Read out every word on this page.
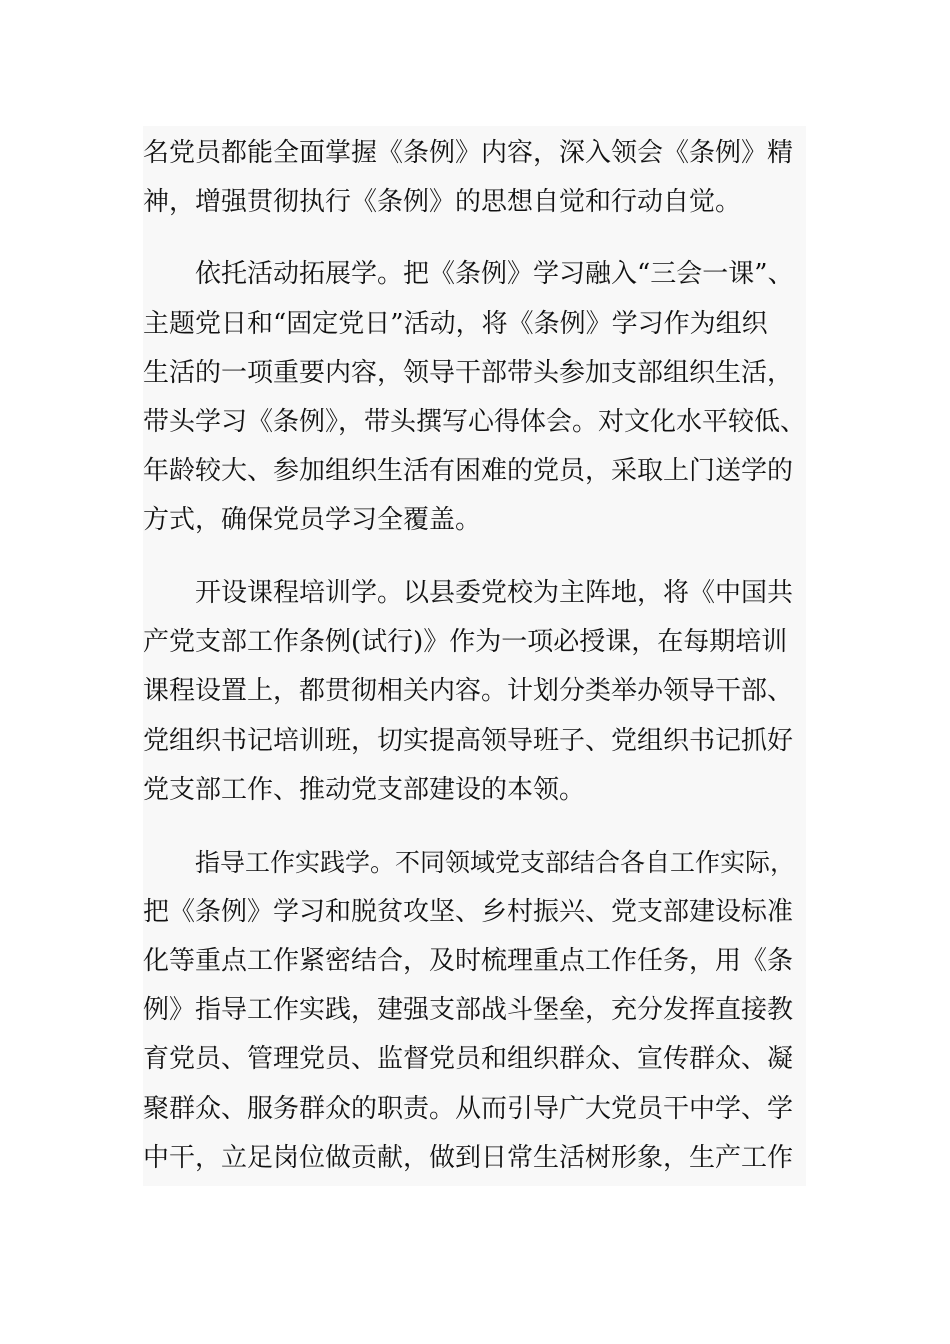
名党员都能全面掌握《条例》内容，深入领会《条例》精
神，增强贯彻执行《条例》的思想自觉和行动自觉。
依托活动拓展学。把《条例》学习融入“三会一课”、
主题党日和“固定党日”活动，将《条例》学习作为组织
生活的一项重要内容，领导干部带头参加支部组织生活，
带头学习《条例》，带头撰写心得体会。对文化水平较低、
年龄较大、参加组织生活有困难的党员，采取上门送学的
方式，确保党员学习全覆盖。
开设课程培训学。以县委党校为主阵地，将《中国共
产党支部工作条例(试行)》作为一项必授课，在每期培训
课程设置上，都贯彻相关内容。计划分类举办领导干部、
党组织书记培训班，切实提高领导班子、党组织书记抓好
党支部工作、推动党支部建设的本领。
指导工作实践学。不同领域党支部结合各自工作实际，
把《条例》学习和脱贫攻坚、乡村振兴、党支部建设标准
化等重点工作紧密结合，及时梳理重点工作任务，用《条
例》指导工作实践，建强支部战斗堡垒，充分发挥直接教
育党员、管理党员、监督党员和组织群众、宣传群众、凝
聚群众、服务群众的职责。从而引导广大党员干中学、学
中干，立足岗位做贡献，做到日常生活树形象，生产工作
